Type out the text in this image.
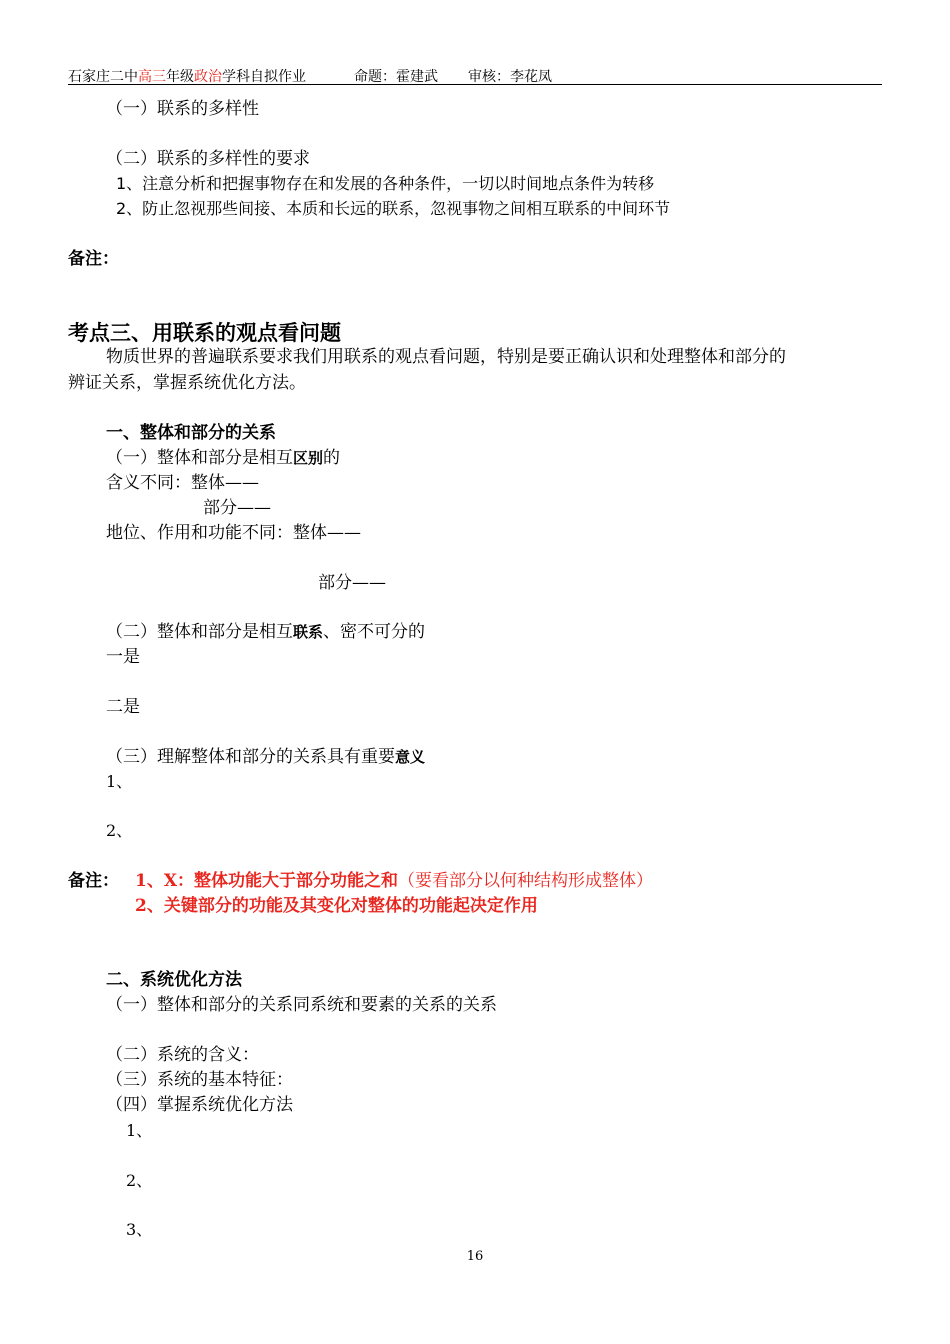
石家庄二中高三年级政治学科自拟作业	命题：霍建武 审核：李花凤
（一）联系的多样性
（二）联系的多样性的要求
1、注意分析和把握事物存在和发展的各种条件，一切以时间地点条件为转移
2、防止忽视那些间接、本质和长远的联系，忽视事物之间相互联系的中间环节
备注：
考点三、用联系的观点看问题
物质世界的普遍联系要求我们用联系的观点看问题，特别是要正确认识和处理整体和部分的
辨证关系，掌握系统优化方法。
一、整体和部分的关系
（一）整体和部分是相互区别的
含义不同：整体——
部分——
地位、作用和功能不同：整体——
部分——
（二）整体和部分是相互联系、密不可分的
一是
二是
（三）理解整体和部分的关系具有重要意义
1、
2、
备注： 1、X：整体功能大于部分功能之和（要看部分以何种结构形成整体）
2、关键部分的功能及其变化对整体的功能起决定作用
二、系统优化方法
（一）整体和部分的关系同系统和要素的关系的关系
（二）系统的含义：
（三）系统的基本特征：
（四）掌握系统优化方法
1、
2、
3、
16
